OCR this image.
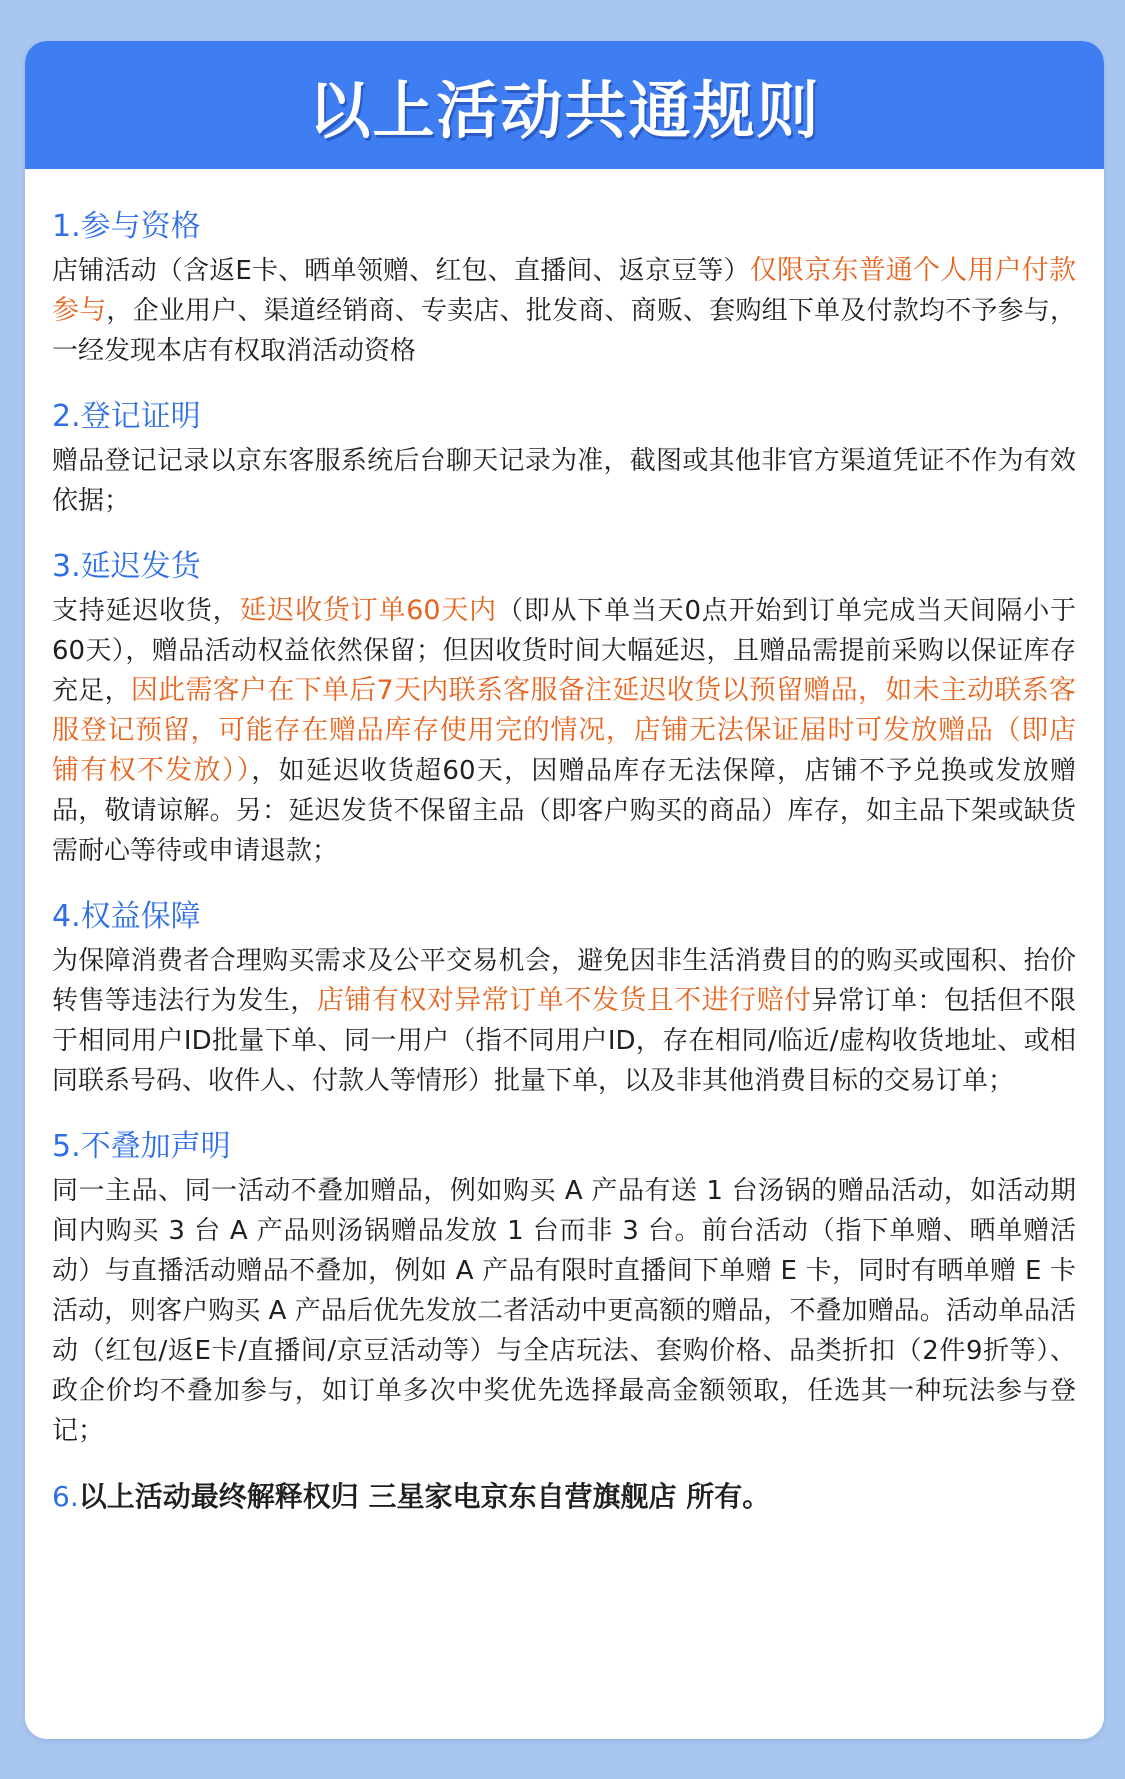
以上活动共通规则
1.参与资格
店铺活动（含返E卡、晒单领赠、红包、直播间、返京豆等）仅限京东普通个人用户付款参与，企业用户、渠道经销商、专卖店、批发商、商贩、套购组下单及付款均不予参与，一经发现本店有权取消活动资格
2.登记证明
赠品登记记录以京东客服系统后台聊天记录为准，截图或其他非官方渠道凭证不作为有效依据；
3.延迟发货
支持延迟收货，延迟收货订单60天内（即从下单当天0点开始到订单完成当天间隔小于60天），赠品活动权益依然保留；但因收货时间大幅延迟，且赠品需提前采购以保证库存充足，因此需客户在下单后7天内联系客服备注延迟收货以预留赠品，如未主动联系客服登记预留，可能存在赠品库存使用完的情况，店铺无法保证届时可发放赠品（即店铺有权不发放）），如延迟收货超60天，因赠品库存无法保障，店铺不予兑换或发放赠品，敬请谅解。另：延迟发货不保留主品（即客户购买的商品）库存，如主品下架或缺货需耐心等待或申请退款；
4.权益保障
为保障消费者合理购买需求及公平交易机会，避免因非生活消费目的的购买或囤积、抬价转售等违法行为发生，店铺有权对异常订单不发货且不进行赔付异常订单：包括但不限于相同用户ID批量下单、同一用户（指不同用户ID，存在相同/临近/虚构收货地址、或相同联系号码、收件人、付款人等情形）批量下单，以及非其他消费目标的交易订单；
5.不叠加声明
同一主品、同一活动不叠加赠品，例如购买 A 产品有送 1 台汤锅的赠品活动，如活动期间内购买 3 台 A 产品则汤锅赠品发放 1 台而非 3 台。前台活动（指下单赠、晒单赠活动）与直播活动赠品不叠加，例如 A 产品有限时直播间下单赠 E 卡，同时有晒单赠 E 卡活动，则客户购买 A 产品后优先发放二者活动中更高额的赠品，不叠加赠品。活动单品活动（红包/返E卡/直播间/京豆活动等）与全店玩法、套购价格、品类折扣（2件9折等）、政企价均不叠加参与，如订单多次中奖优先选择最高金额领取，任选其一种玩法参与登记；
6.以上活动最终解释权归 三星家电京东自营旗舰店 所有。
